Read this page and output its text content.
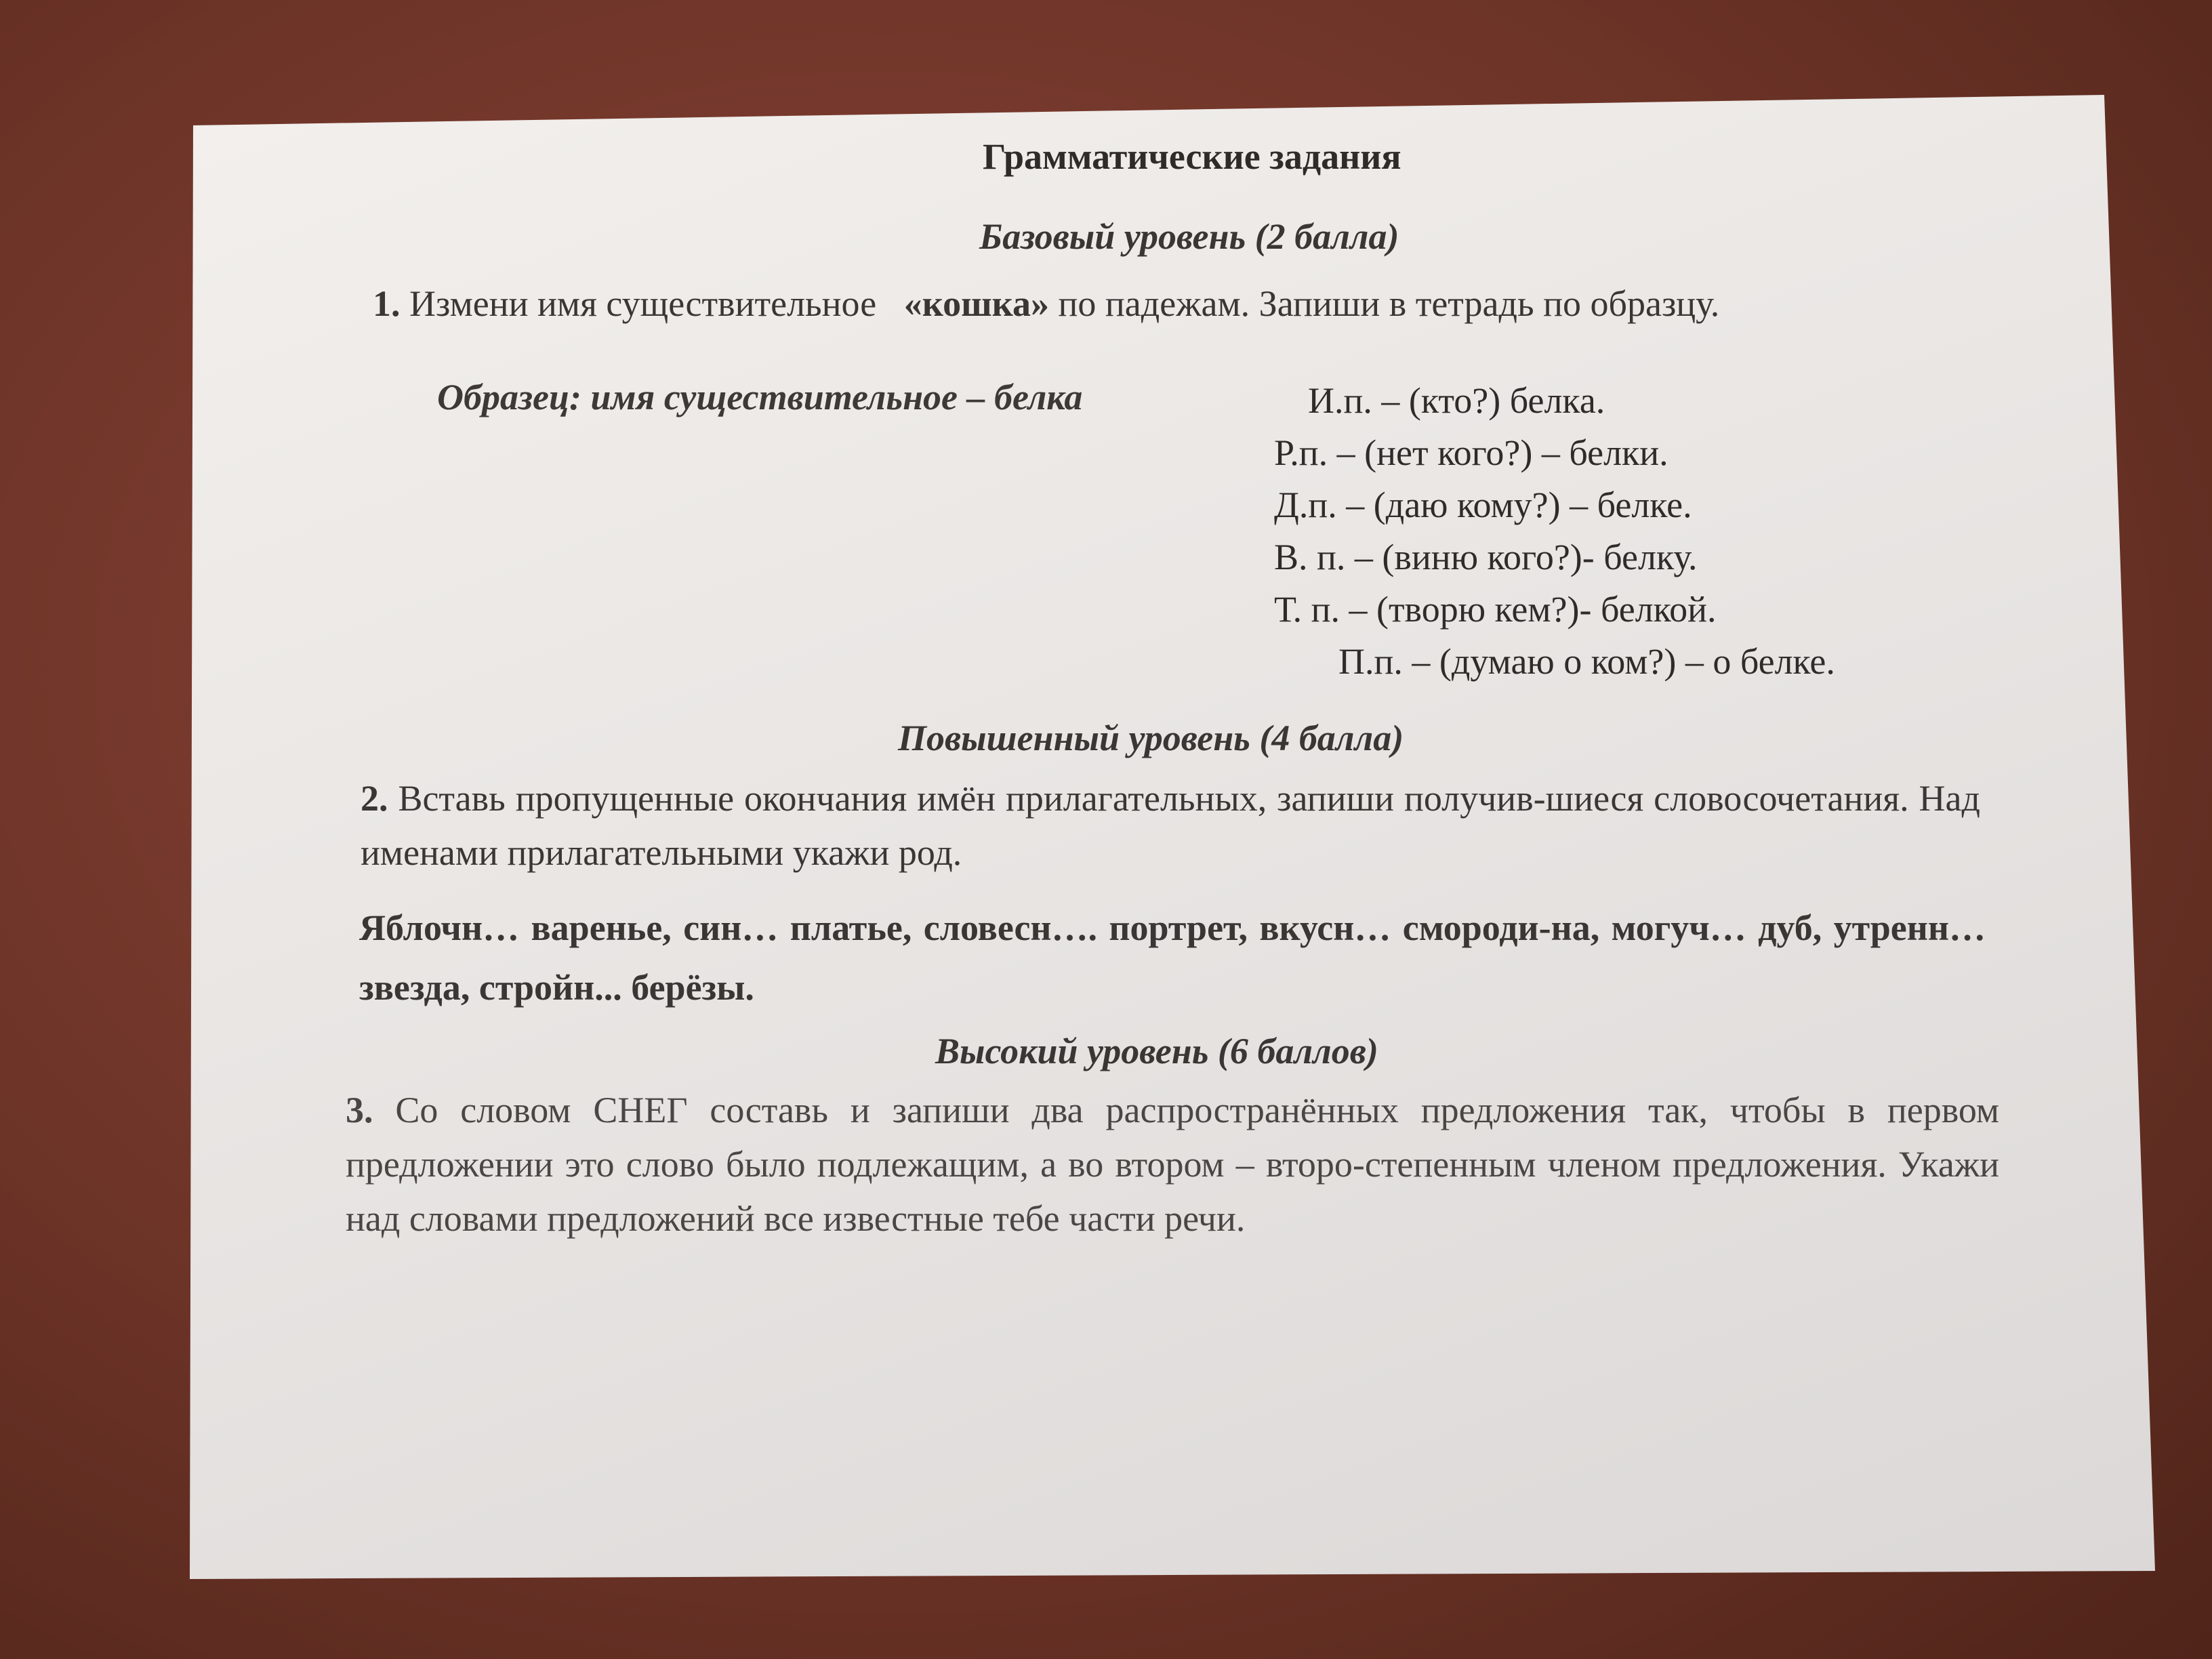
Грамматические задания
Базовый уровень (2 балла)

1. Измени имя существительное «кошка» по падежам. Запиши в тетрадь по образцу.

Образец: имя существительное – белка	И.п. – (кто?) белка.
Р.п. – (нет кого?) – белки.
Д.п. – (даю кому?) – белке.
В. п. – (виню кого?)- белку.
Т. п. – (творю кем?)- белкой.
П.п. – (думаю о ком?) – о белке.
Повышенный уровень (4 балла)

2. Вставь пропущенные окончания имён прилагательных, запиши получив-шиеся словосочетания. Над именами прилагательными укажи род.

Яблочн… варенье, син… платье, словесн…. портрет, вкусн… смороди-на, могуч… дуб, утренн… звезда, стройн... берёзы.

Высокий уровень (6 баллов)

3. Со словом СНЕГ составь и запиши два распространённых предложения так, чтобы в первом предложении это слово было подлежащим, а во втором – второ-степенным членом предложения. Укажи над словами предложений все известные тебе части речи.
